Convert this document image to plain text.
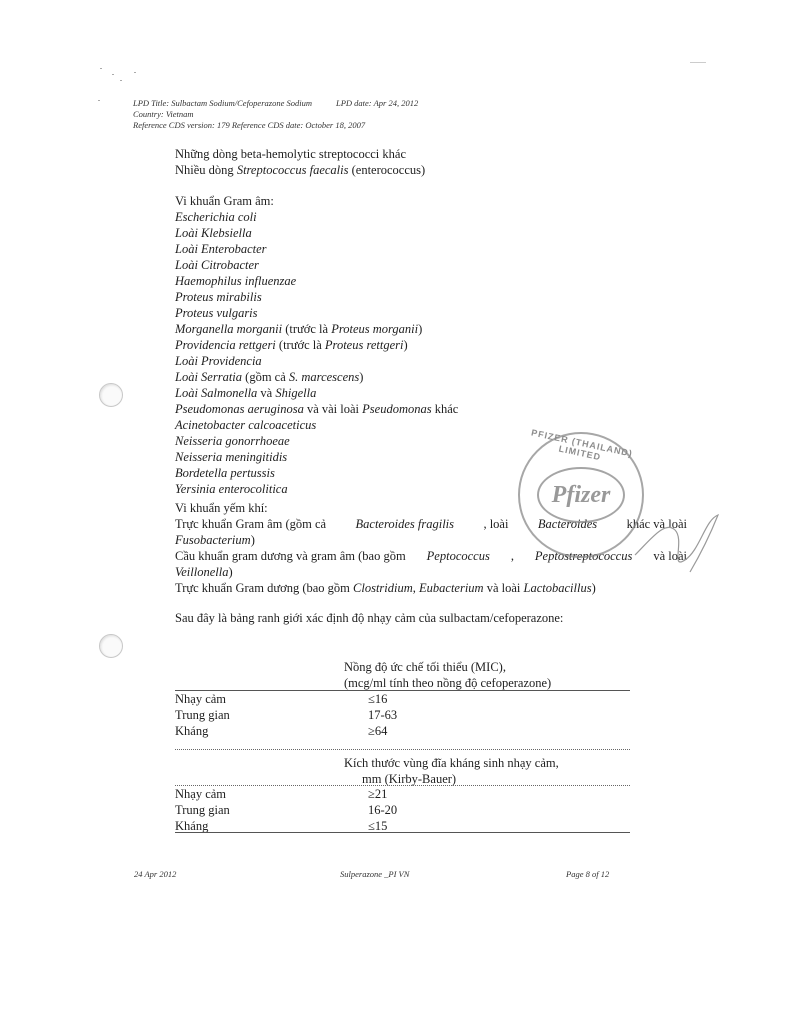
LPD Title: Sulbactam Sodium/Cefoperazone Sodium	LPD date: Apr 24, 2012
Country: Vietnam
Reference CDS version: 179 Reference CDS date: October 18, 2007
Những dòng beta-hemolytic streptococci khác
Nhiều dòng Streptococcus faecalis (enterococcus)
Vi khuẩn Gram âm:
Escherichia coli
Loài Klebsiella
Loài Enterobacter
Loài Citrobacter
Haemophilus influenzae
Proteus mirabilis
Proteus vulgaris
Morganella morganii (trước là Proteus morganii)
Providencia rettgeri (trước là Proteus rettgeri)
Loài Providencia
Loài Serratia (gồm cả S. marcescens)
Loài Salmonella và Shigella
Pseudomonas aeruginosa và vài loài Pseudomonas khác
Acinetobacter calcoaceticus
Neisseria gonorrhoeae
Neisseria meningitidis
Bordetella pertussis
Yersinia enterocolitica
Vi khuẩn yếm khí:
Trực khuẩn Gram âm (gồm cả Bacteroides fragilis , loài Bacteroides khác và loài
Fusobacterium)
Cầu khuẩn gram dương và gram âm (bao gồm Peptococcus , Peptostreptococcus và loài
Veillonella)
Trực khuẩn Gram dương (bao gồm Clostridium, Eubacterium và loài Lactobacillus)
PFIZER (THAILAND) LIMITED
Pfizer
Sau đây là bảng ranh giới xác định độ nhạy cảm của sulbactam/cefoperazone:
Nồng độ ức chế tối thiểu (MIC),
(mcg/ml tính theo nồng độ cefoperazone)
Nhạy cảm	≤16
Trung gian	17-63
Kháng	≥64
Kích thước vùng đĩa kháng sinh nhạy cảm,
mm (Kirby-Bauer)
Nhạy cảm	≥21
Trung gian	16-20
Kháng	≤15
24 Apr 2012	Sulperazone _PI VN	Page 8 of 12
